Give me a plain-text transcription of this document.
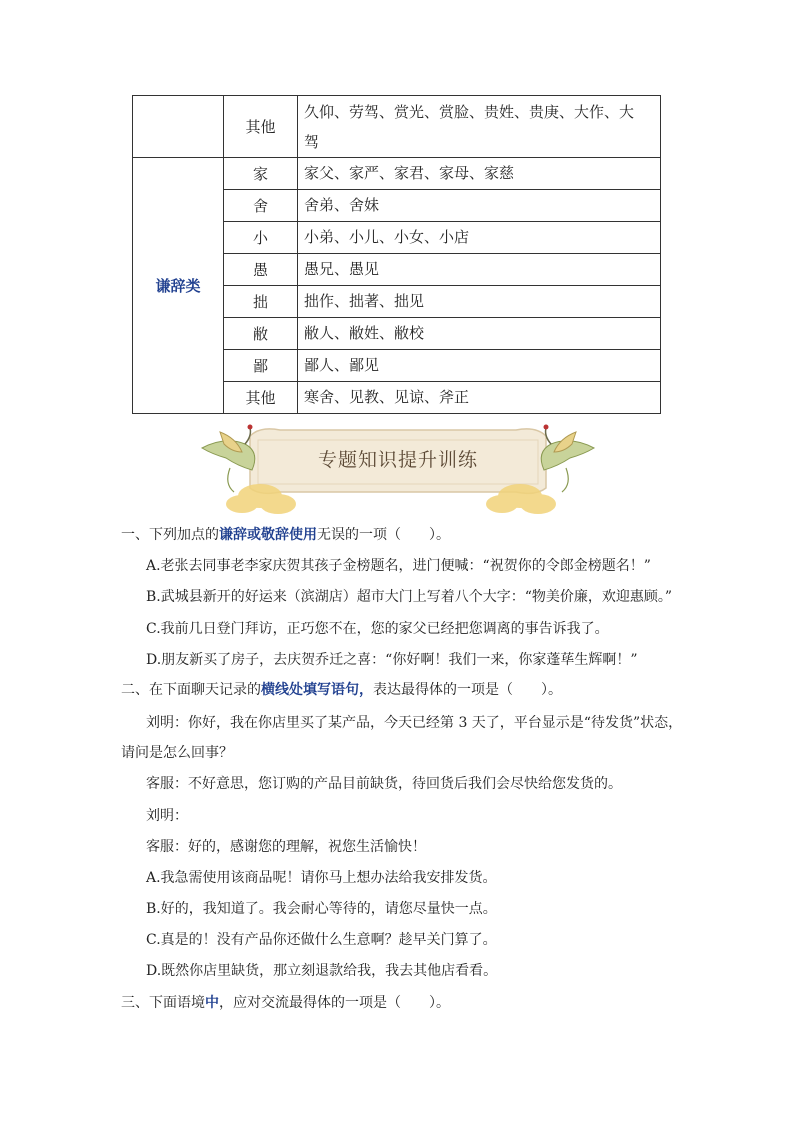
	其他	久仰、劳驾、赏光、赏脸、贵姓、贵庚、大作、大
驾
谦辞类	家	家父、家严、家君、家母、家慈
	舍	舍弟、舍妹
	小	小弟、小儿、小女、小店
	愚	愚兄、愚见
	拙	拙作、拙著、拙见
	敝	敝人、敝姓、敝校
	鄙	鄙人、鄙见
	其他	寒舍、见教、见谅、斧正
专题知识提升训练
一、下列加点的谦辞或敬辞使用无误的一项（　　）。
A.老张去同事老李家庆贺其孩子金榜题名，进门便喊：“祝贺你的令郎金榜题名！”
B.武城县新开的好运来（滨湖店）超市大门上写着八个大字：“物美价廉，欢迎惠顾。”
C.我前几日登门拜访，正巧您不在，您的家父已经把您调离的事告诉我了。
D.朋友新买了房子，去庆贺乔迁之喜：“你好啊！我们一来，你家蓬荜生辉啊！”
二、在下面聊天记录的横线处填写语句，表达最得体的一项是（　　）。
刘明：你好，我在你店里买了某产品，今天已经第 3 天了，平台显示是“待发货”状态，
请问是怎么回事？
客服：不好意思，您订购的产品目前缺货，待回货后我们会尽快给您发货的。
刘明：
客服：好的，感谢您的理解，祝您生活愉快！
A.我急需使用该商品呢！请你马上想办法给我安排发货。
B.好的，我知道了。我会耐心等待的，请您尽量快一点。
C.真是的！没有产品你还做什么生意啊？趁早关门算了。
D.既然你店里缺货，那立刻退款给我，我去其他店看看。
三、下面语境中，应对交流最得体的一项是（　　）。
